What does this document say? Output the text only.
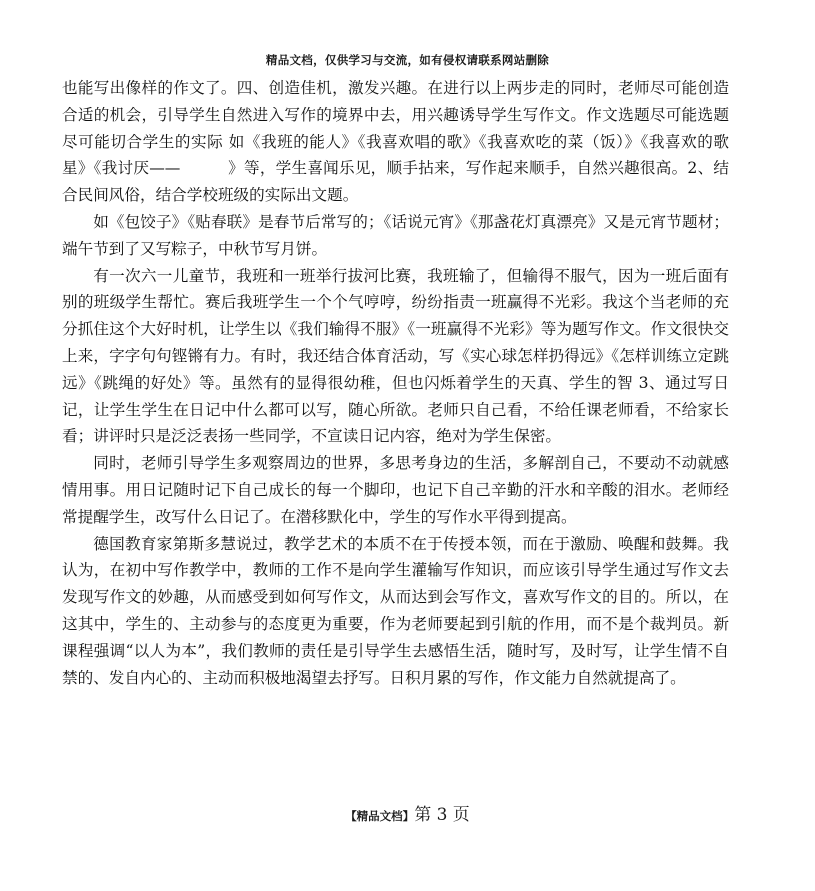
精品文档，仅供学习与交流，如有侵权请联系网站删除

也能写出像样的作文了。四、创造佳机，激发兴趣。在进行以上两步走的同时，老师尽可能创造合适的机会，引导学生自然进入写作的境界中去，用兴趣诱导学生写作文。作文选题尽可能选题尽可能切合学生的实际 如《我班的能人》《我喜欢唱的歌》《我喜欢吃的菜（饭）》《我喜欢的歌星》《我讨厌——　　　》等，学生喜闻乐见，顺手拈来，写作起来顺手，自然兴趣很高。2、结合民间风俗，结合学校班级的实际出文题。

如《包饺子》《贴春联》是春节后常写的；《话说元宵》《那盏花灯真漂亮》又是元宵节题材；端午节到了又写粽子，中秋节写月饼。

有一次六一儿童节，我班和一班举行拔河比赛，我班输了，但输得不服气，因为一班后面有别的班级学生帮忙。赛后我班学生一个个气哼哼，纷纷指责一班赢得不光彩。我这个当老师的充分抓住这个大好时机，让学生以《我们输得不服》《一班赢得不光彩》等为题写作文。作文很快交上来，字字句句铿锵有力。有时，我还结合体育活动，写《实心球怎样扔得远》《怎样训练立定跳远》《跳绳的好处》等。虽然有的显得很幼稚，但也闪烁着学生的天真、学生的智 3、通过写日记，让学生学生在日记中什么都可以写，随心所欲。老师只自己看，不给任课老师看，不给家长看；讲评时只是泛泛表扬一些同学，不宣读日记内容，绝对为学生保密。

同时，老师引导学生多观察周边的世界，多思考身边的生活，多解剖自己，不要动不动就感情用事。用日记随时记下自己成长的每一个脚印，也记下自己辛勤的汗水和辛酸的泪水。老师经常提醒学生，改写什么日记了。在潜移默化中，学生的写作水平得到提高。

德国教育家第斯多慧说过，教学艺术的本质不在于传授本领，而在于激励、唤醒和鼓舞。我认为，在初中写作教学中，教师的工作不是向学生灌输写作知识，而应该引导学生通过写作文去发现写作文的妙趣，从而感受到如何写作文，从而达到会写作文，喜欢写作文的目的。所以，在这其中，学生的、主动参与的态度更为重要，作为老师要起到引航的作用，而不是个裁判员。新课程强调“以人为本”，我们教师的责任是引导学生去感悟生活，随时写，及时写，让学生情不自禁的、发自内心的、主动而积极地渴望去抒写。日积月累的写作，作文能力自然就提高了。

【精品文档】第 3 页
